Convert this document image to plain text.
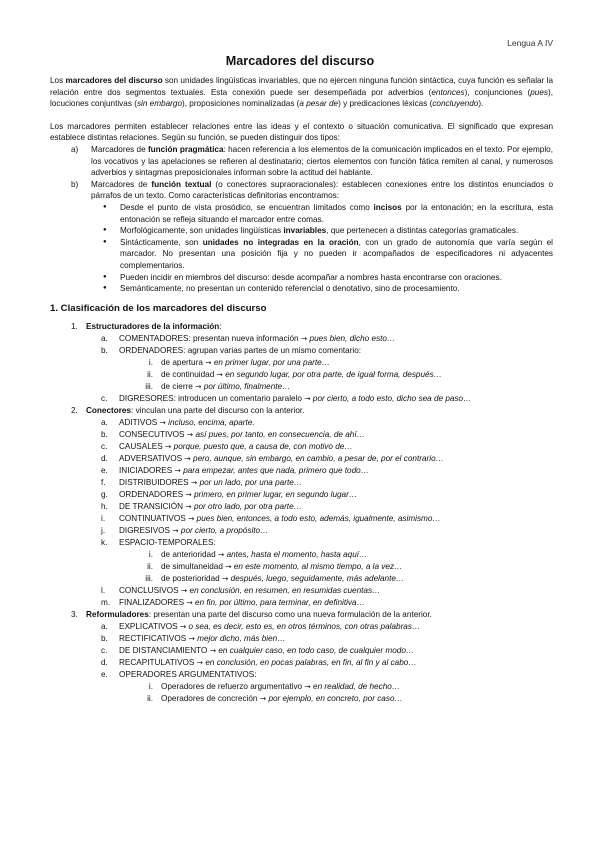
Lengua A IV
Marcadores del discurso

Los marcadores del discurso son unidades lingüísticas invariables, que no ejercen ninguna función sintáctica, cuya función es señalar la relación entre dos segmentos textuales. Esta conexión puede ser desempeñada por adverbios (entonces), conjunciones (pues), locuciones conjuntivas (sin embargo), proposiciones nominalizadas (a pesar de) y predicaciones léxicas (concluyendo).

Los marcadores permiten establecer relaciones entre las ideas y el contexto o situación comunicativa. El significado que expresan establece distintas relaciones. Según su función, se pueden distinguir dos tipos:

a)	Marcadores de función pragmática: hacen referencia a los elementos de la comunicación implicados en el texto. Por ejemplo, los vocativos y las apelaciones se refieren al destinatario; ciertos elementos con función fática remiten al canal, y numerosos adverbios y sintagmas preposicionales informan sobre la actitud del hablante.
b)	Marcadores de función textual (o conectores supraoracionales): establecen conexiones entre los distintos enunciados o párrafos de un texto. Como características definitorias encontramos:
●	Desde el punto de vista prosódico, se encuentran limitados como incisos por la entonación; en la escritura, esta entonación se refleja situando el marcador entre comas.
●	Morfológicamente, son unidades lingüísticas invariables, que pertenecen a distintas categorías gramaticales.
●	Sintácticamente, son unidades no integradas en la oración, con un grado de autonomía que varía según el marcador. No presentan una posición fija y no pueden ir acompañados de especificadores ni adyacentes complementarios.
●	Pueden incidir en miembros del discurso: desde acompañar a nombres hasta encontrarse con oraciones.
●	Semánticamente, no presentan un contenido referencial o denotativo, sino de procesamiento.
1. Clasificación de los marcadores del discurso
1. Estructuradores de la información:
a.	COMENTADORES: presentan nueva información → pues bien, dicho esto…
b.	ORDENADORES: agrupan varias partes de un mismo comentario:
i. de apertura → en primer lugar, por una parte…
ii. de continuidad → en segundo lugar, por otra parte, de igual forma, después…
iii. de cierre → por último, finalmente…
c.	DIGRESORES: introducen un comentario paralelo → por cierto, a todo esto, dicho sea de paso…
2. Conectores: vinculan una parte del discurso con la anterior.
a.	ADITIVOS → incluso, encima, aparte.
b.	CONSECUTIVOS → así pues, por tanto, en consecuencia, de ahí…
c.	CAUSALES → porque, puesto que, a causa de, con motivo de…
d.	ADVERSATIVOS → pero, aunque, sin embargo, en cambio, a pesar de, por el contrario…
e.	INICIADORES → para empezar, antes que nada, primero que todo…
f.	DISTRIBUIDORES → por un lado, por una parte…
g.	ORDENADORES → primero, en primer lugar, en segundo lugar…
h.	DE TRANSICIÓN → por otro lado, por otra parte…
i.	CONTINUATIVOS → pues bien, entonces, a todo esto, además, igualmente, asimismo…
j.	DIGRESIVOS → por cierto, a propósito…
k.	ESPACIO-TEMPORALES:
i. de anterioridad → antes, hasta el momento, hasta aquí…
ii. de simultaneidad → en este momento, al mismo tiempo, a la vez…
iii. de posterioridad → después, luego, seguidamente, más adelante…
l.	CONCLUSIVOS → en conclusión, en resumen, en resumidas cuentas…
m.	FINALIZADORES → en fin, por último, para terminar, en definitiva…
3. Reformuladores: presentan una parte del discurso como una nueva formulación de la anterior.
a.	EXPLICATIVOS → o sea, es decir, esto es, en otros términos, con otras palabras…
b.	RECTIFICATIVOS → mejor dicho, más bien…
c.	DE DISTANCIAMIENTO → en cualquier caso, en todo caso, de cualquier modo…
d.	RECAPITULATIVOS → en conclusión, en pocas palabras, en fin, al fin y al cabo…
e.	OPERADORES ARGUMENTATIVOS:
i. Operadores de refuerzo argumentativo → en realidad, de hecho…
ii. Operadores de concreción → por ejemplo, en concreto, por caso…
